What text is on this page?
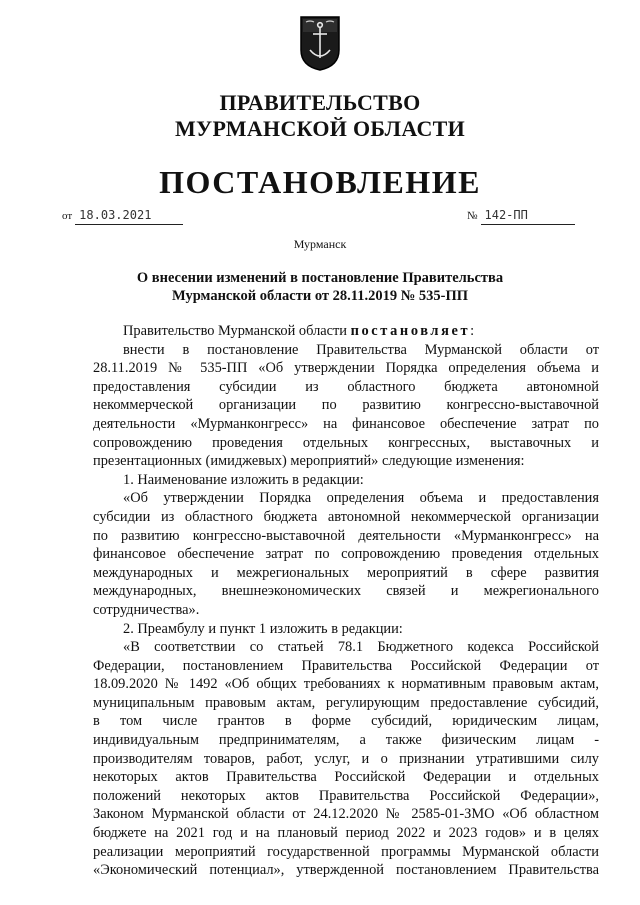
ПРАВИТЕЛЬСТВО
МУРМАНСКОЙ ОБЛАСТИ
ПОСТАНОВЛЕНИЕ
от 18.03.2021	№ 142-ПП
Мурманск
О внесении изменений в постановление Правительства
Мурманской области от 28.11.2019 № 535-ПП
Правительство Мурманской области постановляет:
внести в постановление Правительства Мурманской области от
28.11.2019 № 535-ПП «Об утверждении Порядка определения объема и
предоставления субсидии из областного бюджета автономной
некоммерческой организации по развитию конгрессно-выставочной
деятельности «Мурманконгресс» на финансовое обеспечение затрат по
сопровождению проведения отдельных конгрессных, выставочных и
презентационных (имиджевых) мероприятий» следующие изменения:
1. Наименование изложить в редакции:
«Об утверждении Порядка определения объема и предоставления
субсидии из областного бюджета автономной некоммерческой организации
по развитию конгрессно-выставочной деятельности «Мурманконгресс» на
финансовое обеспечение затрат по сопровождению проведения отдельных
международных и межрегиональных мероприятий в сфере развития
международных, внешнеэкономических связей и межрегионального
сотрудничества».
2. Преамбулу и пункт 1 изложить в редакции:
«В соответствии со статьей 78.1 Бюджетного кодекса Российской
Федерации, постановлением Правительства Российской Федерации от
18.09.2020 № 1492 «Об общих требованиях к нормативным правовым актам,
муниципальным правовым актам, регулирующим предоставление субсидий,
в том числе грантов в форме субсидий, юридическим лицам,
индивидуальным предпринимателям, а также физическим лицам -
производителям товаров, работ, услуг, и о признании утратившими силу
некоторых актов Правительства Российской Федерации и отдельных
положений некоторых актов Правительства Российской Федерации»,
Законом Мурманской области от 24.12.2020 № 2585-01-ЗМО «Об областном
бюджете на 2021 год и на плановый период 2022 и 2023 годов» и в целях
реализации мероприятий государственной программы Мурманской области
«Экономический потенциал», утвержденной постановлением Правительства
